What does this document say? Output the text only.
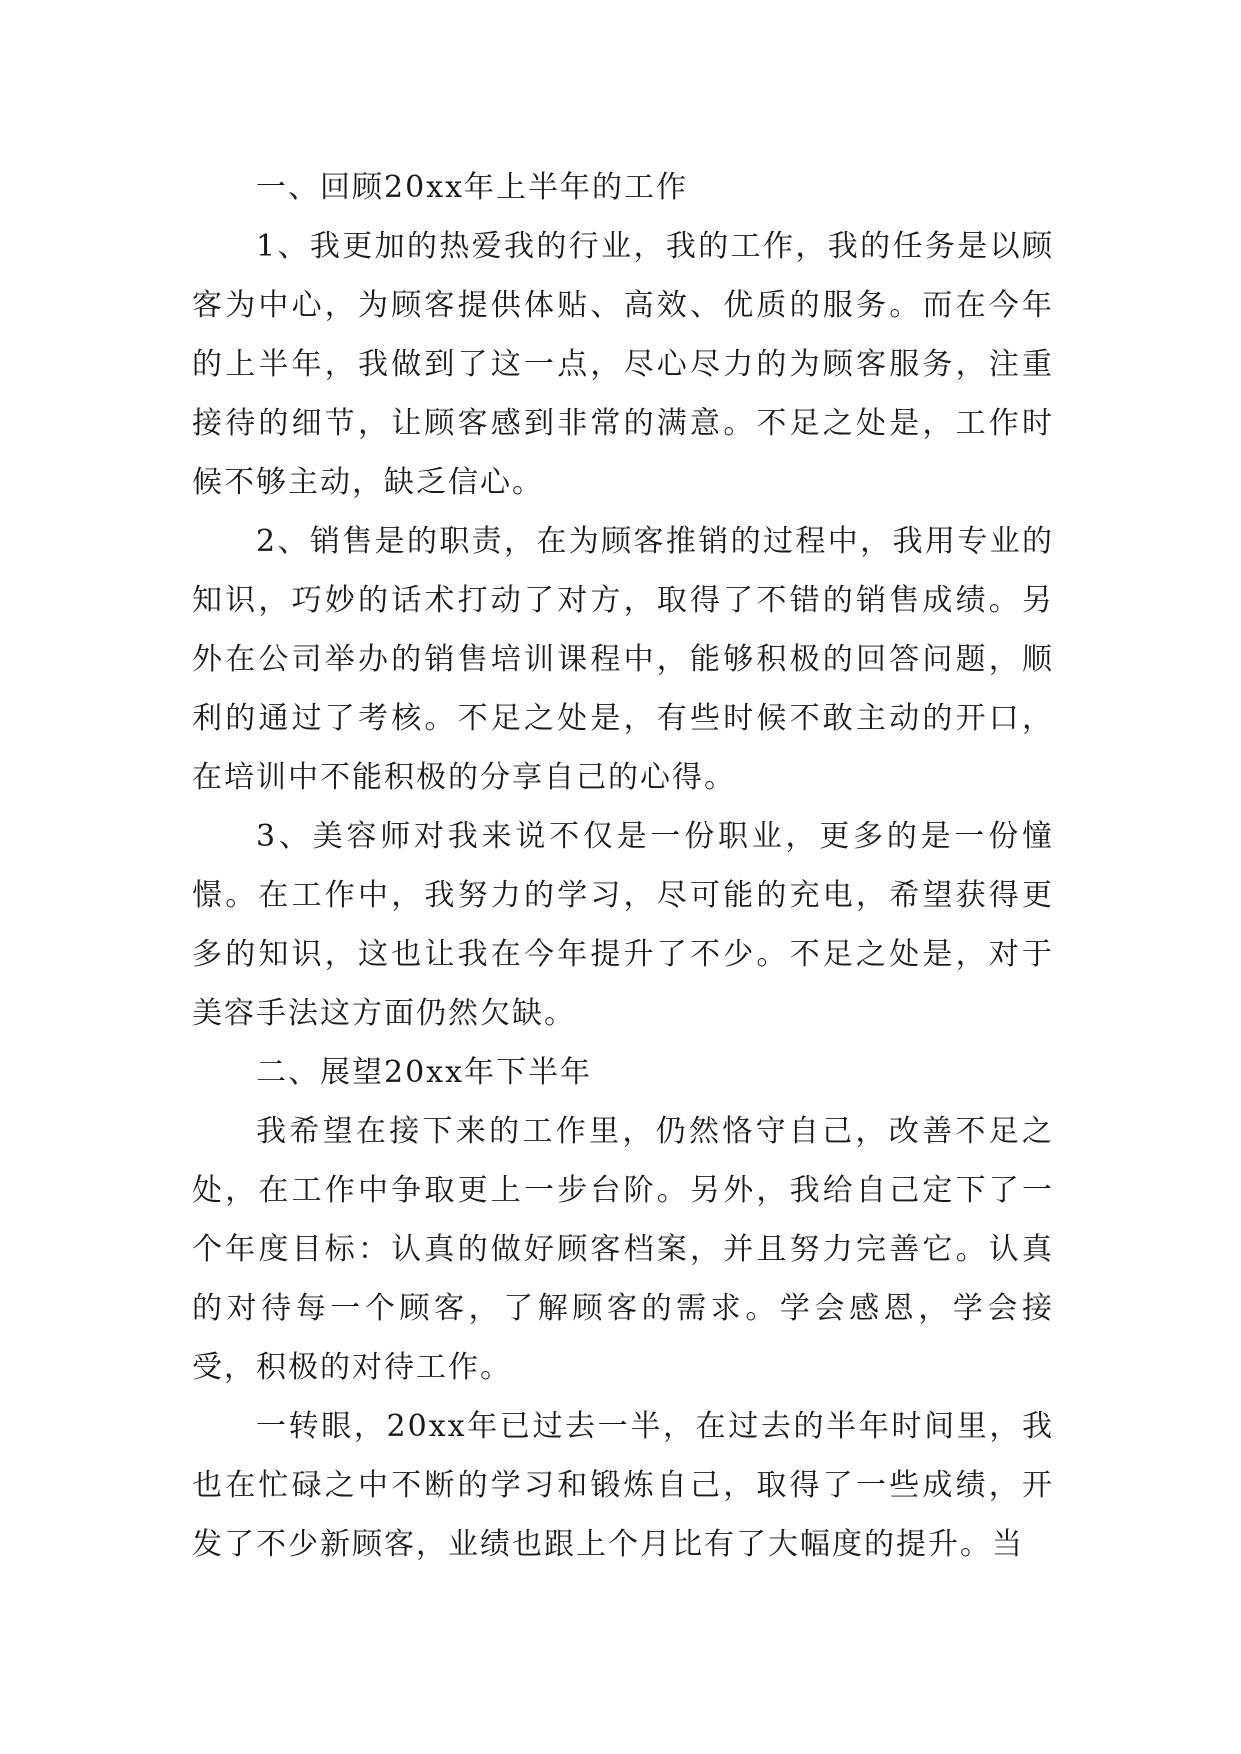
一、回顾20xx年上半年的工作

1、我更加的热爱我的行业，我的工作，我的任务是以顾客为中心，为顾客提供体贴、高效、优质的服务。而在今年的上半年，我做到了这一点，尽心尽力的为顾客服务，注重接待的细节，让顾客感到非常的满意。不足之处是，工作时候不够主动，缺乏信心。

2、销售是的职责，在为顾客推销的过程中，我用专业的知识，巧妙的话术打动了对方，取得了不错的销售成绩。另外在公司举办的销售培训课程中，能够积极的回答问题，顺利的通过了考核。不足之处是，有些时候不敢主动的开口，在培训中不能积极的分享自己的心得。

3、美容师对我来说不仅是一份职业，更多的是一份憧憬。在工作中，我努力的学习，尽可能的充电，希望获得更多的知识，这也让我在今年提升了不少。不足之处是，对于美容手法这方面仍然欠缺。

二、展望20xx年下半年

我希望在接下来的工作里，仍然恪守自己，改善不足之处，在工作中争取更上一步台阶。另外，我给自己定下了一个年度目标：认真的做好顾客档案，并且努力完善它。认真的对待每一个顾客，了解顾客的需求。学会感恩，学会接受，积极的对待工作。

一转眼，20xx年已过去一半，在过去的半年时间里，我也在忙碌之中不断的学习和锻炼自己，取得了一些成绩，开发了不少新顾客，业绩也跟上个月比有了大幅度的提升。当
